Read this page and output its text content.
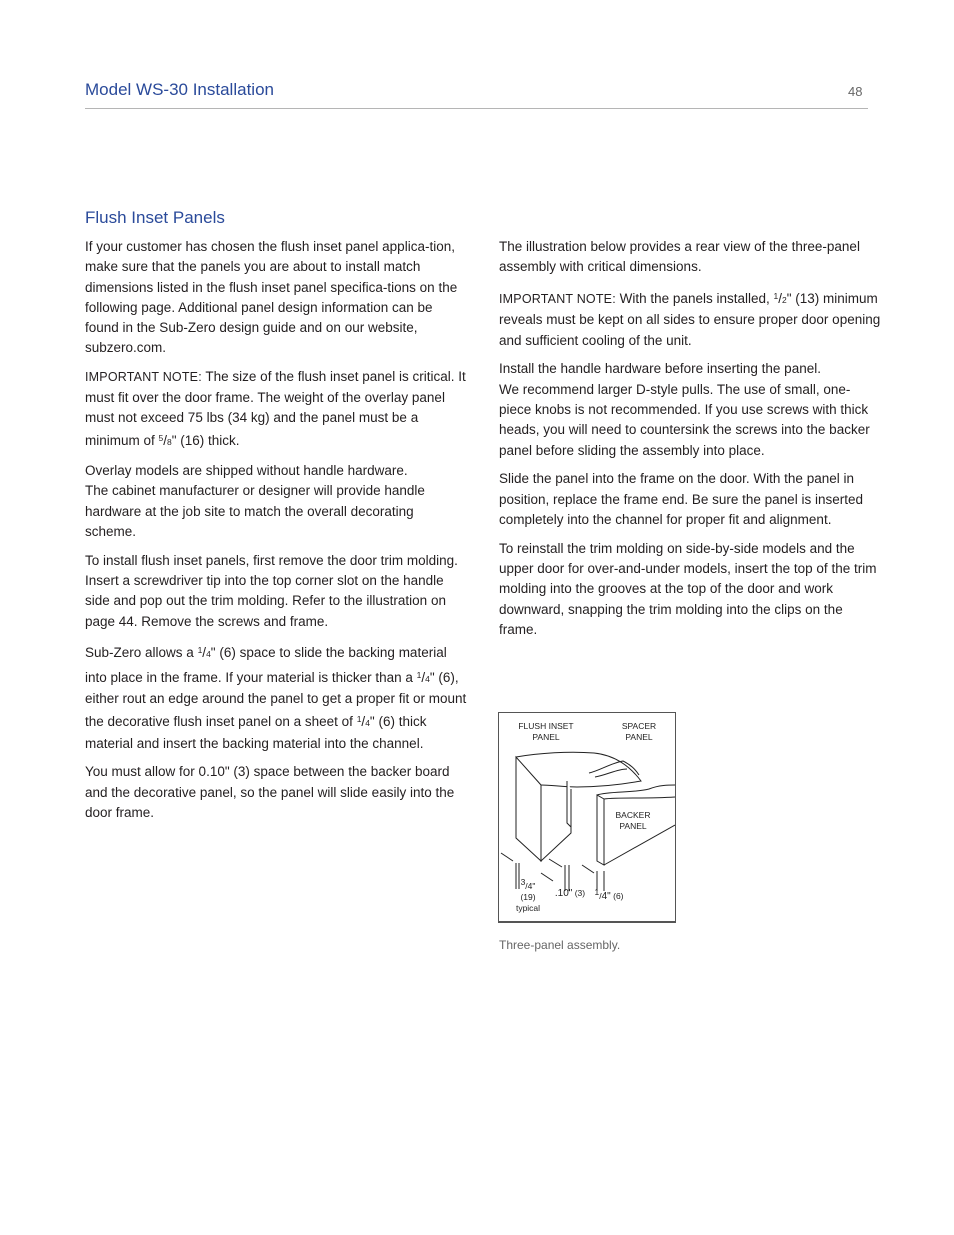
Model WS-30 Installation	48
Flush Inset Panels

If your customer has chosen the flush inset panel applica-tion, make sure that the panels you are about to install match dimensions listed in the flush inset panel specifica-tions on the following page. Additional panel design information can be found in the Sub-Zero design guide and on our website, subzero.com.

IMPORTANT NOTE: The size of the flush inset panel is critical. It must fit over the door frame. The weight of the overlay panel must not exceed 75 lbs (34 kg) and the panel must be a minimum of $^5$/8" (16) thick.

Overlay models are shipped without handle hardware.
The cabinet manufacturer or designer will provide handle hardware at the job site to match the overall decorating scheme.

To install flush inset panels, first remove the door trim molding. Insert a screwdriver tip into the top corner slot on the handle side and pop out the trim molding. Refer to the illustration on page 44. Remove the screws and frame.

Sub-Zero allows a $^1$/4" (6) space to slide the backing material into place in the frame. If your material is thicker than a $^1$/4" (6), either rout an edge around the panel to get a proper fit or mount the decorative flush inset panel on a sheet of $^1$/4" (6) thick material and insert the backing material into the channel.

You must allow for 0.10" (3) space between the backer board and the decorative panel, so the panel will slide easily into the door frame.

The illustration below provides a rear view of the three-panel assembly with critical dimensions.

IMPORTANT NOTE: With the panels installed, $^1$/2" (13) minimum reveals must be kept on all sides to ensure proper door opening and sufficient cooling of the unit.

Install the handle hardware before inserting the panel.
We recommend larger D-style pulls. The use of small, one-piece knobs is not recommended. If you use screws with thick heads, you will need to countersink the screws into the backer panel before sliding the assembly into place.

Slide the panel into the frame on the door. With the panel in position, replace the frame end. Be sure the panel is inserted completely into the channel for proper fit and alignment.

To reinstall the trim molding on side-by-side models and the upper door for over-and-under models, insert the top of the trim molding into the grooves at the top of the door and work downward, snapping the trim molding into the clips on the frame.

FLUSH INSET
PANEL
SPACER
PANEL
BACKER
PANEL
$^3$/4"
(19)
typical
.10" (3)	$^1$/4" (6)
Three-panel assembly.
